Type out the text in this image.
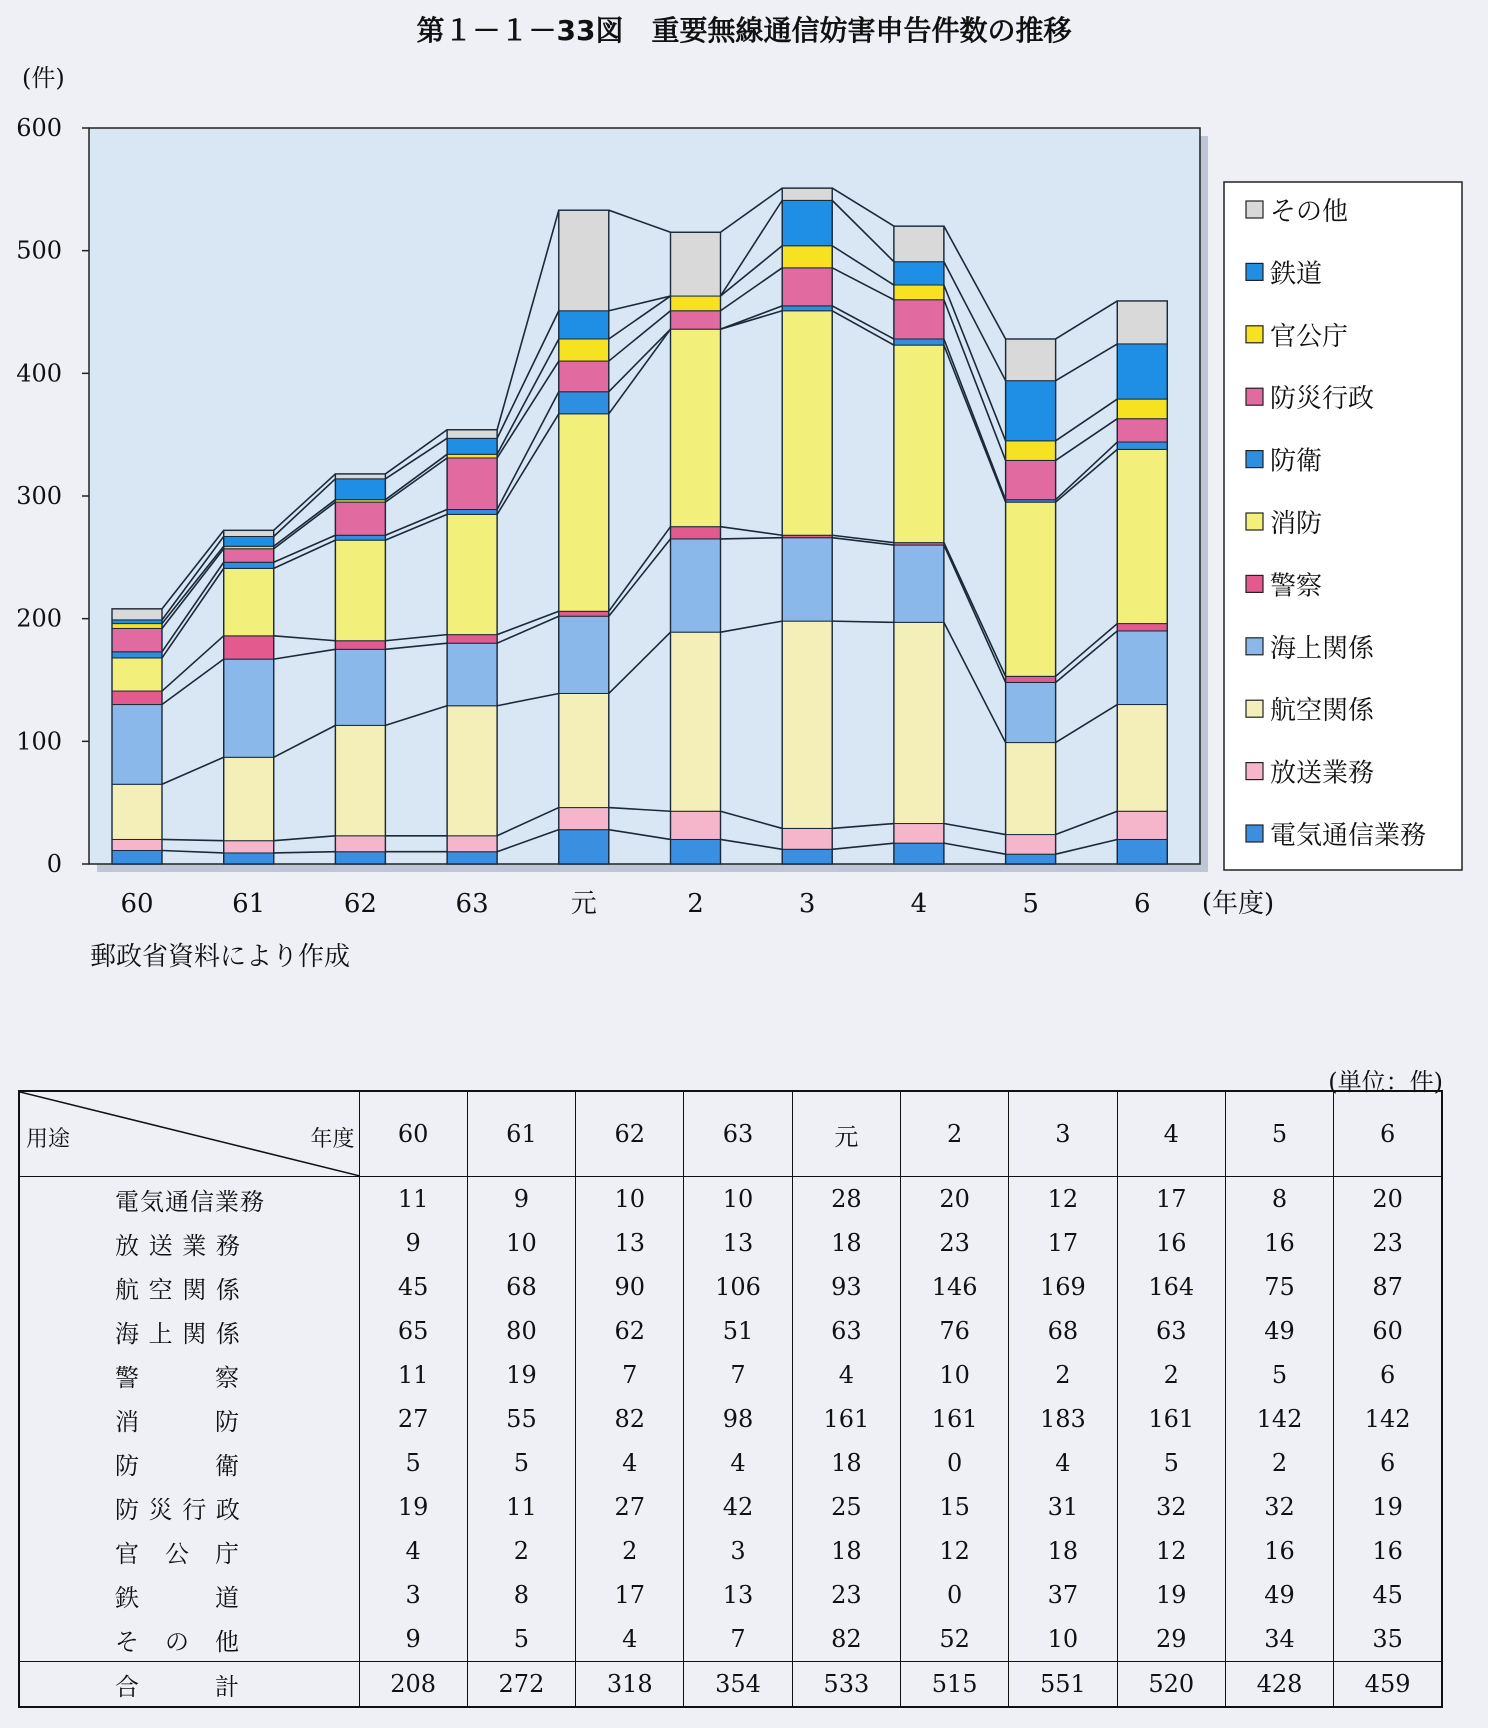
第１－１－33図　重要無線通信妨害申告件数の推移
(件)
0
100
200
300
400
500
600
60	61	62	63	元	2	3	4	5	6 (年度)
郵政省資料により作成
その他
鉄道
官公庁
防災行政
防衛
消防
警察
海上関係
航空関係
放送業務
電気通信業務
(単位：件)
用途 年度	60	61	62	63	元	2	3	4	5	6
電気通信業務	11	9	10	10	28	20	12	17	8	20
放 送 業 務	9	10	13	13	18	23	17	16	16	23
航 空 関 係	45	68	90	106	93	146	169	164	75	87
海 上 関 係	65	80	62	51	63	76	68	63	49	60
警　　　察	11	19	7	7	4	10	2	2	5	6
消　　　防	27	55	82	98	161	161	183	161	142	142
防　　　衛	5	5	4	4	18	0	4	5	2	6
防 災 行 政	19	11	27	42	25	15	31	32	32	19
官　公　庁	4	2	2	3	18	12	18	12	16	16
鉄　　　道	3	8	17	13	23	0	37	19	49	45
そ　の　他	9	5	4	7	82	52	10	29	34	35
合　　　計	208	272	318	354	533	515	551	520	428	459
